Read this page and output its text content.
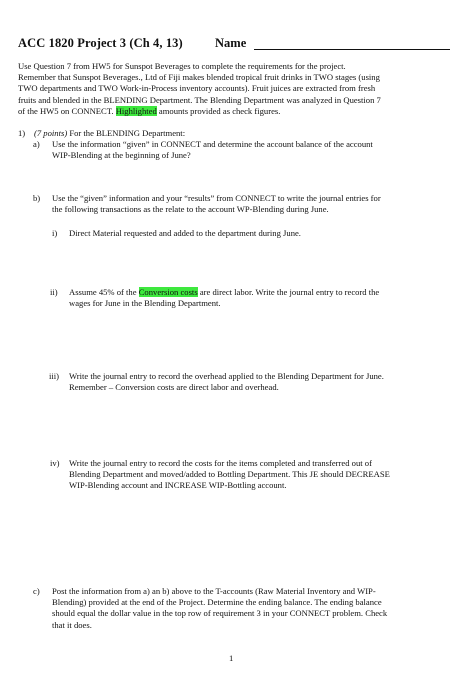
ACC 1820 Project 3 (Ch 4, 13)	Name
Use Question 7 from HW5 for Sunspot Beverages to complete the requirements for the project.
Remember that Sunspot Beverages., Ltd of Fiji makes blended tropical fruit drinks in TWO stages (using
TWO departments and TWO Work-in-Process inventory accounts). Fruit juices are extracted from fresh
fruits and blended in the BLENDING Department. The Blending Department was analyzed in Question 7
of the HW5 on CONNECT. Highlighted amounts provided as check figures.
1) (7 points) For the BLENDING Department:
a) Use the information “given” in CONNECT and determine the account balance of the account
WIP-Blending at the beginning of June?
b) Use the “given” information and your “results” from CONNECT to write the journal entries for
the following transactions as the relate to the account WP-Blending during June.
i) Direct Material requested and added to the department during June.
ii) Assume 45% of the Conversion costs are direct labor. Write the journal entry to record the
wages for June in the Blending Department.
iii) Write the journal entry to record the overhead applied to the Blending Department for June.
Remember – Conversion costs are direct labor and overhead.
iv) Write the journal entry to record the costs for the items completed and transferred out of
Blending Department and moved/added to Bottling Department. This JE should DECREASE
WIP-Blending account and INCREASE WIP-Bottling account.
c) Post the information from a) an b) above to the T-accounts (Raw Material Inventory and WIP-
Blending) provided at the end of the Project. Determine the ending balance. The ending balance
should equal the dollar value in the top row of requirement 3 in your CONNECT problem. Check
that it does.
1
